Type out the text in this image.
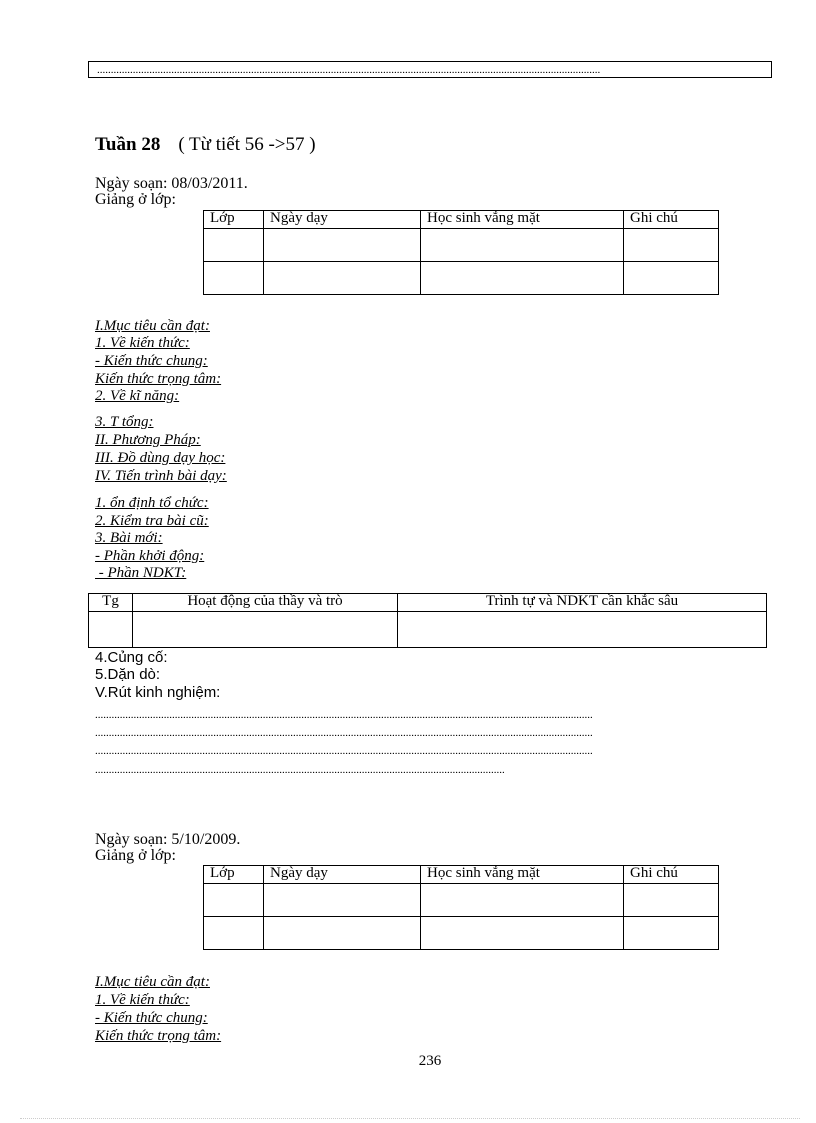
.......................................................................................................................................................................................
Tuần 28 ( Từ tiết 56 ->57 )
Ngày soạn: 08/03/2011.
Giảng ở lớp:
Lớp	Ngày dạy	Học sinh vắng mặt	Ghi chú

I.Mục tiêu cần đạt:
1. Về kiến thức:
- Kiến thức chung:
Kiến thức trọng tâm:
2. Về kĩ năng:
3. T tổng:
II. Phương Pháp:
III. Đồ dùng dạy học:
IV. Tiến trình bài dạy:
1. ổn định tổ chức:
2. Kiểm tra bài cũ:
3. Bài mới:
- Phần khởi động:
- Phần NDKT:
Tg	Hoạt động của thầy và trò	Trình tự và NDKT cần khắc sâu

4.Củng cố:
5.Dặn dò:
V.Rút kinh nghiệm:
.....................................................................................................................................................................................
.....................................................................................................................................................................................
.....................................................................................................................................................................................
.....................................................................................................................................................
Ngày soạn: 5/10/2009.
Giảng ở lớp:
Lớp	Ngày dạy	Học sinh vắng mặt	Ghi chú

I.Mục tiêu cần đạt:
1. Về kiến thức:
- Kiến thức chung:
Kiến thức trọng tâm:
236
